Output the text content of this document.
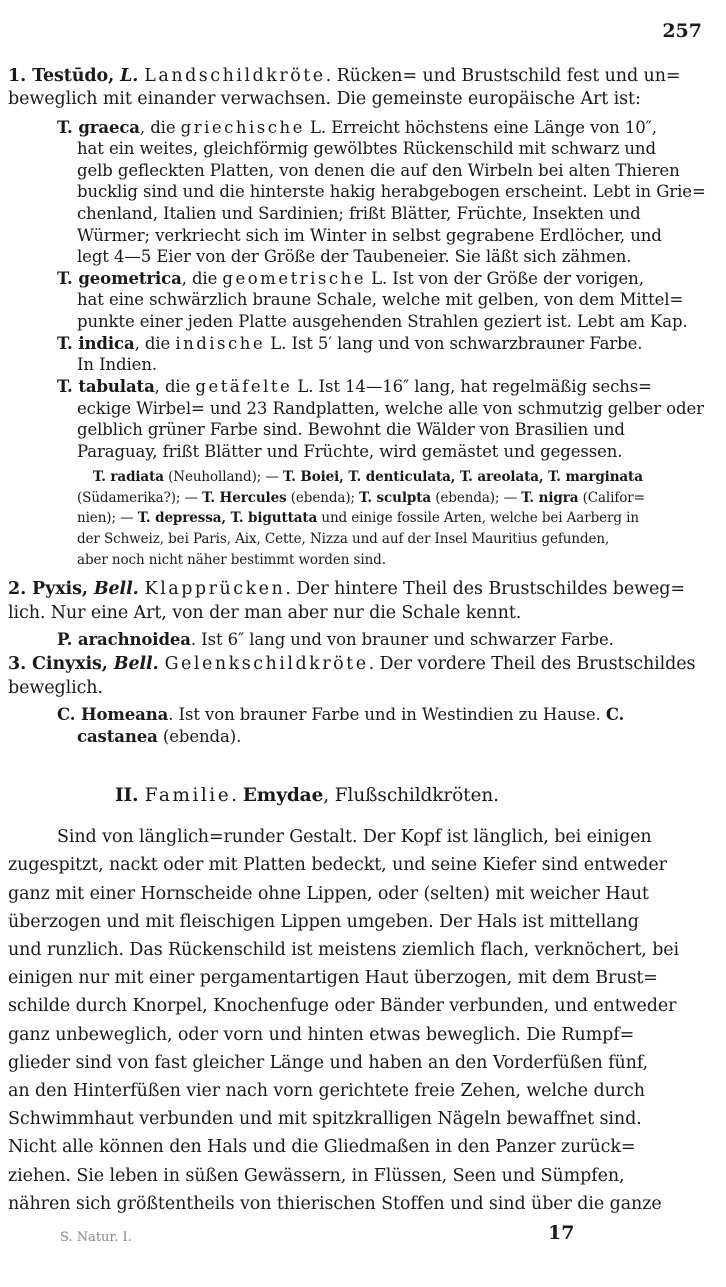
257
1. Testūdo, L. Landschildkröte. Rücken= und Brustschild fest und un=
beweglich mit einander verwachsen. Die gemeinste europäische Art ist:
T. graeca, die griechische L. Erreicht höchstens eine Länge von 10″,
hat ein weites, gleichförmig gewölbtes Rückenschild mit schwarz und
gelb gefleckten Platten, von denen die auf den Wirbeln bei alten Thieren
bucklig sind und die hinterste hakig herabgebogen erscheint. Lebt in Grie=
chenland, Italien und Sardinien; frißt Blätter, Früchte, Insekten und
Würmer; verkriecht sich im Winter in selbst gegrabene Erdlöcher, und
legt 4—5 Eier von der Größe der Taubeneier. Sie läßt sich zähmen.
T. geometrica, die geometrische L. Ist von der Größe der vorigen,
hat eine schwärzlich braune Schale, welche mit gelben, von dem Mittel=
punkte einer jeden Platte ausgehenden Strahlen geziert ist. Lebt am Kap.
T. indica, die indische L. Ist 5′ lang und von schwarzbrauner Farbe.
In Indien.
T. tabulata, die getäfelte L. Ist 14—16″ lang, hat regelmäßig sechs=
eckige Wirbel= und 23 Randplatten, welche alle von schmutzig gelber oder
gelblich grüner Farbe sind. Bewohnt die Wälder von Brasilien und
Paraguay, frißt Blätter und Früchte, wird gemästet und gegessen.
T. radiata (Neuholland); — T. Boiei, T. denticulata, T. areolata, T. marginata
(Südamerika?); — T. Hercules (ebenda); T. sculpta (ebenda); — T. nigra (Califor=
nien); — T. depressa, T. biguttata und einige fossile Arten, welche bei Aarberg in
der Schweiz, bei Paris, Aix, Cette, Nizza und auf der Insel Mauritius gefunden,
aber noch nicht näher bestimmt worden sind.
2. Pyxis, Bell. Klapprücken. Der hintere Theil des Brustschildes beweg=
lich. Nur eine Art, von der man aber nur die Schale kennt.
P. arachnoidea. Ist 6″ lang und von brauner und schwarzer Farbe.
3. Cinyxis, Bell. Gelenkschildkröte. Der vordere Theil des Brustschildes
beweglich.
C. Homeana. Ist von brauner Farbe und in Westindien zu Hause. C.
castanea (ebenda).
II. Familie. Emydae, Flußschildkröten.
Sind von länglich=runder Gestalt. Der Kopf ist länglich, bei einigen
zugespitzt, nackt oder mit Platten bedeckt, und seine Kiefer sind entweder
ganz mit einer Hornscheide ohne Lippen, oder (selten) mit weicher Haut
überzogen und mit fleischigen Lippen umgeben. Der Hals ist mittellang
und runzlich. Das Rückenschild ist meistens ziemlich flach, verknöchert, bei
einigen nur mit einer pergamentartigen Haut überzogen, mit dem Brust=
schilde durch Knorpel, Knochenfuge oder Bänder verbunden, und entweder
ganz unbeweglich, oder vorn und hinten etwas beweglich. Die Rumpf=
glieder sind von fast gleicher Länge und haben an den Vorderfüßen fünf,
an den Hinterfüßen vier nach vorn gerichtete freie Zehen, welche durch
Schwimmhaut verbunden und mit spitzkralligen Nägeln bewaffnet sind.
Nicht alle können den Hals und die Gliedmaßen in den Panzer zurück=
ziehen. Sie leben in süßen Gewässern, in Flüssen, Seen und Sümpfen,
nähren sich größtentheils von thierischen Stoffen und sind über die ganze
S. Natur. I.	17
